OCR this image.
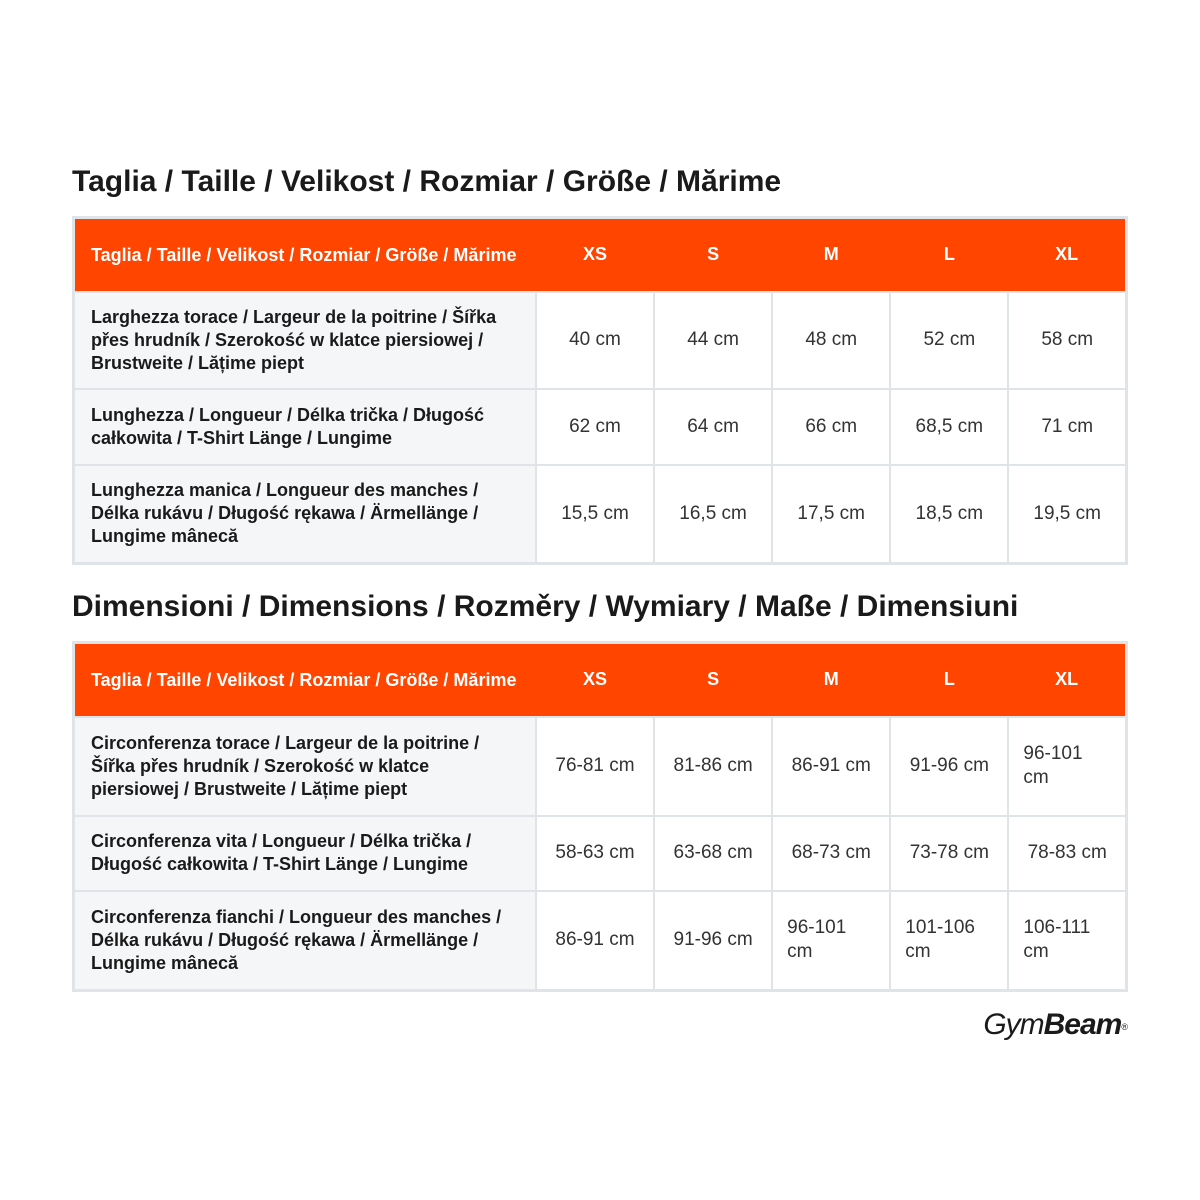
Taglia / Taille / Velikost / Rozmiar / Größe / Mărime
Taglia / Taille / Velikost / Rozmiar / Größe / Mărime	XS	S	M	L	XL
Larghezza torace / Largeur de la poitrine / Šířka přes hrudník / Szerokość w klatce piersiowej / Brustweite / Lățime piept	40 cm	44 cm	48 cm	52 cm	58 cm
Lunghezza / Longueur / Délka trička / Długość całkowita / T-Shirt Länge / Lungime	62 cm	64 cm	66 cm	68,5 cm	71 cm
Lunghezza manica / Longueur des manches / Délka rukávu / Długość rękawa / Ärmellänge / Lungime mânecă	15,5 cm	16,5 cm	17,5 cm	18,5 cm	19,5 cm
Dimensioni / Dimensions / Rozměry / Wymiary / Maße / Dimensiuni
Taglia / Taille / Velikost / Rozmiar / Größe / Mărime	XS	S	M	L	XL
Circonferenza torace / Largeur de la poitrine / Šířka přes hrudník / Szerokość w klatce piersiowej / Brustweite / Lățime piept	76-81 cm	81-86 cm	86-91 cm	91-96 cm	96-101 cm
Circonferenza vita / Longueur / Délka trička / Długość całkowita / T-Shirt Länge / Lungime	58-63 cm	63-68 cm	68-73 cm	73-78 cm	78-83 cm
Circonferenza fianchi / Longueur des manches / Délka rukávu / Długość rękawa / Ärmellänge / Lungime mânecă	86-91 cm	91-96 cm	96-101 cm	101-106 cm	106-111 cm
GymBeam®
